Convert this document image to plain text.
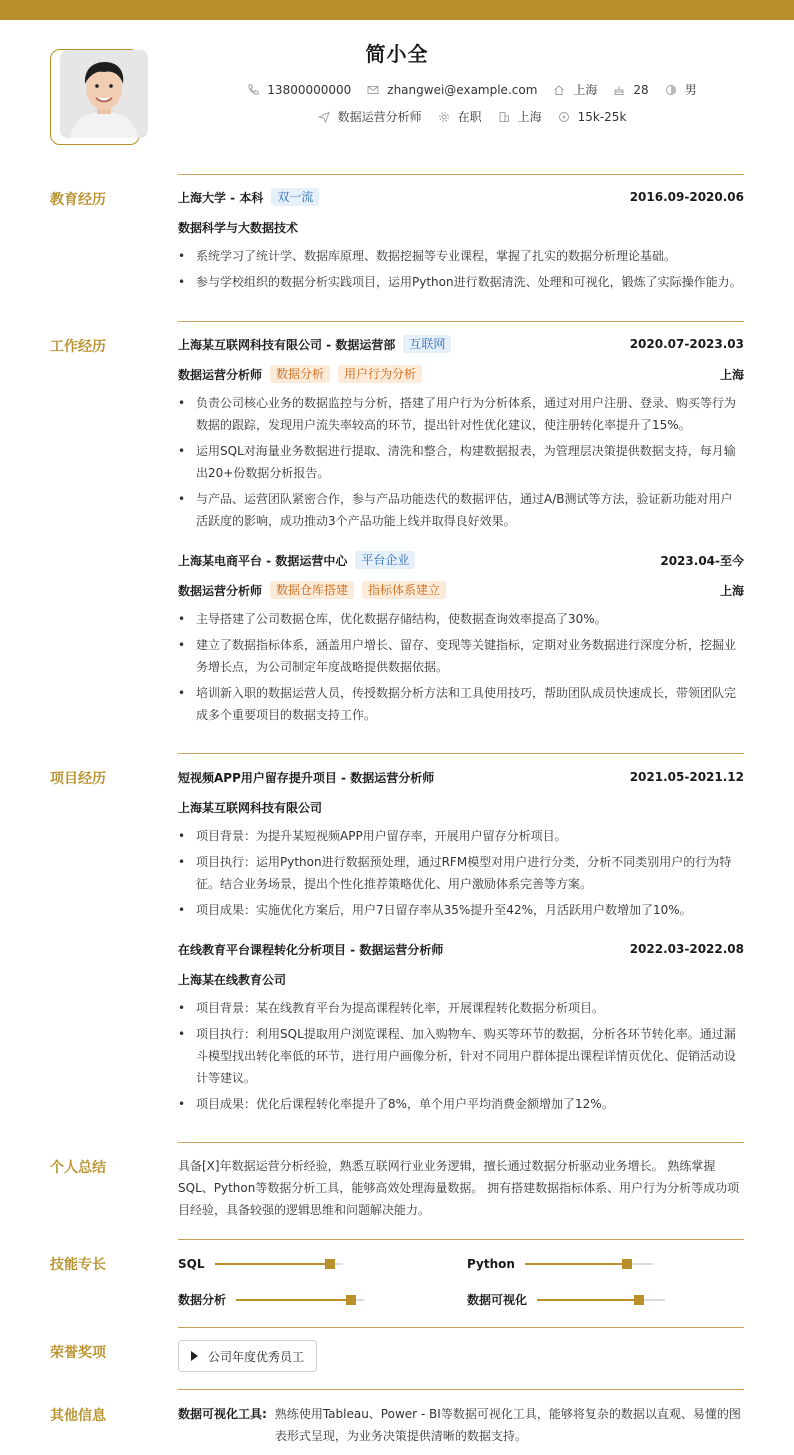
简小全
13800000000	zhangwei@example.com	上海	28	男
数据运营分析师	在职	上海	15k-25k
教育经历	上海大学 - 本科	双一流	2016.09-2020.06
数据科学与大数据技术
• 系统学习了统计学、数据库原理、数据挖掘等专业课程，掌握了扎实的数据分析理论基础。
• 参与学校组织的数据分析实践项目，运用Python进行数据清洗、处理和可视化，锻炼了实际操作能力。
工作经历	上海某互联网科技有限公司 - 数据运营部	互联网	2020.07-2023.03
数据运营分析师	数据分析	用户行为分析	上海
• 负责公司核心业务的数据监控与分析，搭建了用户行为分析体系，通过对用户注册、登录、购买等行为数据的跟踪，发现用户流失率较高的环节，提出针对性优化建议，使注册转化率提升了15%。
• 运用SQL对海量业务数据进行提取、清洗和整合，构建数据报表，为管理层决策提供数据支持，每月输出20+份数据分析报告。
• 与产品、运营团队紧密合作，参与产品功能迭代的数据评估，通过A/B测试等方法，验证新功能对用户活跃度的影响，成功推动3个产品功能上线并取得良好效果。
上海某电商平台 - 数据运营中心	平台企业	2023.04-至今
数据运营分析师	数据仓库搭建	指标体系建立	上海
• 主导搭建了公司数据仓库，优化数据存储结构，使数据查询效率提高了30%。
• 建立了数据指标体系，涵盖用户增长、留存、变现等关键指标，定期对业务数据进行深度分析，挖掘业务增长点，为公司制定年度战略提供数据依据。
• 培训新入职的数据运营人员，传授数据分析方法和工具使用技巧，帮助团队成员快速成长，带领团队完成多个重要项目的数据支持工作。
项目经历	短视频APP用户留存提升项目 - 数据运营分析师	2021.05-2021.12
上海某互联网科技有限公司
• 项目背景：为提升某短视频APP用户留存率，开展用户留存分析项目。
• 项目执行：运用Python进行数据预处理，通过RFM模型对用户进行分类，分析不同类别用户的行为特征。结合业务场景，提出个性化推荐策略优化、用户激励体系完善等方案。
• 项目成果：实施优化方案后，用户7日留存率从35%提升至42%，月活跃用户数增加了10%。
在线教育平台课程转化分析项目 - 数据运营分析师	2022.03-2022.08
上海某在线教育公司
• 项目背景：某在线教育平台为提高课程转化率，开展课程转化数据分析项目。
• 项目执行：利用SQL提取用户浏览课程、加入购物车、购买等环节的数据，分析各环节转化率。通过漏斗模型找出转化率低的环节，进行用户画像分析，针对不同用户群体提出课程详情页优化、促销活动设计等建议。
• 项目成果：优化后课程转化率提升了8%，单个用户平均消费金额增加了12%。
个人总结	具备[X]年数据运营分析经验，熟悉互联网行业业务逻辑，擅长通过数据分析驱动业务增长。 熟练掌握SQL、Python等数据分析工具，能够高效处理海量数据。 拥有搭建数据指标体系、用户行为分析等成功项目经验，具备较强的逻辑思维和问题解决能力。
技能专长	SQL	Python
数据分析	数据可视化
荣誉奖项	公司年度优秀员工
其他信息	数据可视化工具: 熟练使用Tableau、Power - BI等数据可视化工具，能够将复杂的数据以直观、易懂的图表形式呈现，为业务决策提供清晰的数据支持。
